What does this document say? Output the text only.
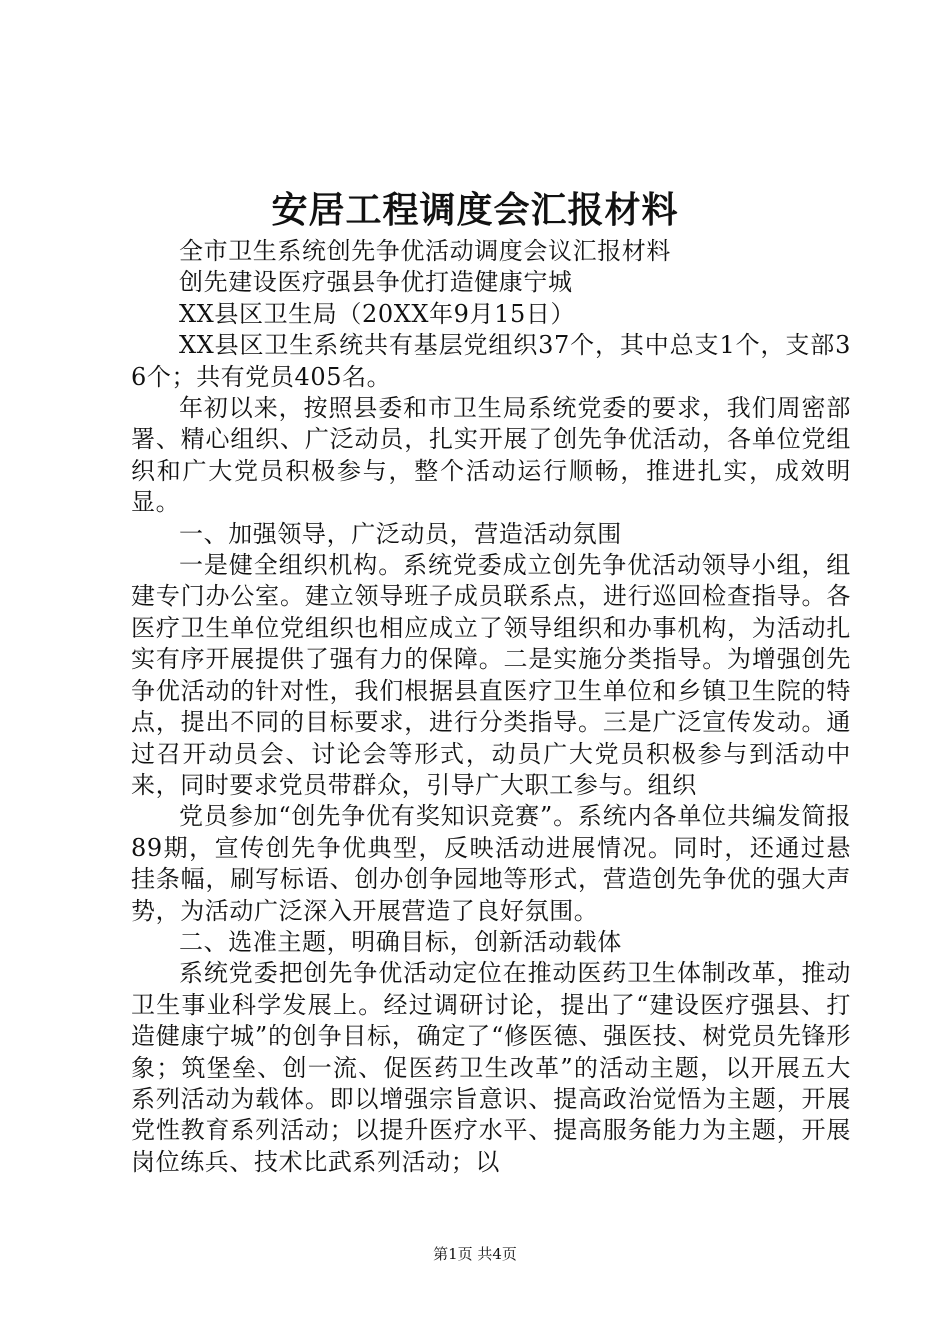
安居工程调度会汇报材料

全市卫生系统创先争优活动调度会议汇报材料

创先建设医疗强县争优打造健康宁城

XX县区卫生局（20XX年9月15日）

XX县区卫生系统共有基层党组织37个，其中总支1个，支部36个；共有党员405名。

年初以来，按照县委和市卫生局系统党委的要求，我们周密部署、精心组织、广泛动员，扎实开展了创先争优活动，各单位党组织和广大党员积极参与，整个活动运行顺畅，推进扎实，成效明显。

一、加强领导，广泛动员，营造活动氛围

一是健全组织机构。系统党委成立创先争优活动领导小组，组建专门办公室。建立领导班子成员联系点，进行巡回检查指导。各医疗卫生单位党组织也相应成立了领导组织和办事机构，为活动扎实有序开展提供了强有力的保障。二是实施分类指导。为增强创先争优活动的针对性，我们根据县直医疗卫生单位和乡镇卫生院的特点，提出不同的目标要求，进行分类指导。三是广泛宣传发动。通过召开动员会、讨论会等形式，动员广大党员积极参与到活动中来，同时要求党员带群众，引导广大职工参与。组织

党员参加“创先争优有奖知识竞赛”。系统内各单位共编发简报89期，宣传创先争优典型，反映活动进展情况。同时，还通过悬挂条幅，刷写标语、创办创争园地等形式，营造创先争优的强大声势，为活动广泛深入开展营造了良好氛围。

二、选准主题，明确目标，创新活动载体

系统党委把创先争优活动定位在推动医药卫生体制改革，推动卫生事业科学发展上。经过调研讨论，提出了“建设医疗强县、打造健康宁城”的创争目标，确定了“修医德、强医技、树党员先锋形象；筑堡垒、创一流、促医药卫生改革”的活动主题，以开展五大系列活动为载体。即以增强宗旨意识、提高政治觉悟为主题，开展党性教育系列活动；以提升医疗水平、提高服务能力为主题，开展岗位练兵、技术比武系列活动；以

第1页 共4页
